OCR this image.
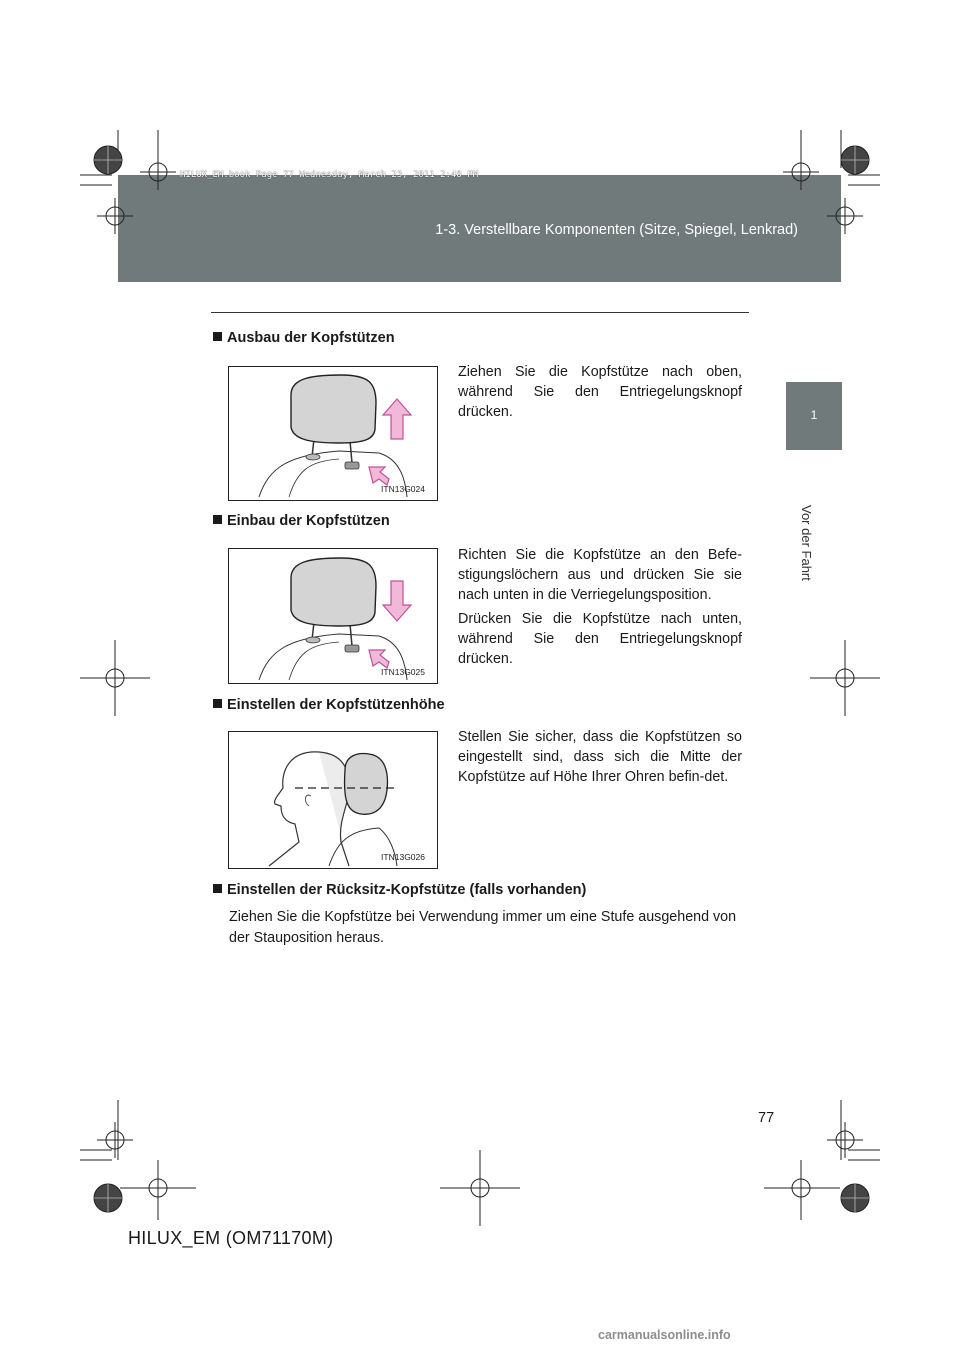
1-3. Verstellbare Komponenten (Sitze, Spiegel, Lenkrad)
HILUX_EM.book Page 77 Wednesday, March 23, 2011 2:48 PM
1
Vor der Fahrt
Ausbau der Kopfstützen
ITN13G024
Ziehen Sie die Kopfstütze nach oben, während Sie den Entriegelungsknopf drücken.
Einbau der Kopfstützen
ITN13G025
Richten Sie die Kopfstütze an den Befe-stigungslöchern aus und drücken Sie sie nach unten in die Verriegelungsposition.
Drücken Sie die Kopfstütze nach unten, während Sie den Entriegelungsknopf drücken.
Einstellen der Kopfstützenhöhe
ITN13G026
Stellen Sie sicher, dass die Kopfstützen so eingestellt sind, dass sich die Mitte der Kopfstütze auf Höhe Ihrer Ohren befin-det.
Einstellen der Rücksitz-Kopfstütze (falls vorhanden)
Ziehen Sie die Kopfstütze bei Verwendung immer um eine Stufe ausgehend von der Stauposition heraus.
77
HILUX_EM (OM71170M)
carmanualsonline.info
